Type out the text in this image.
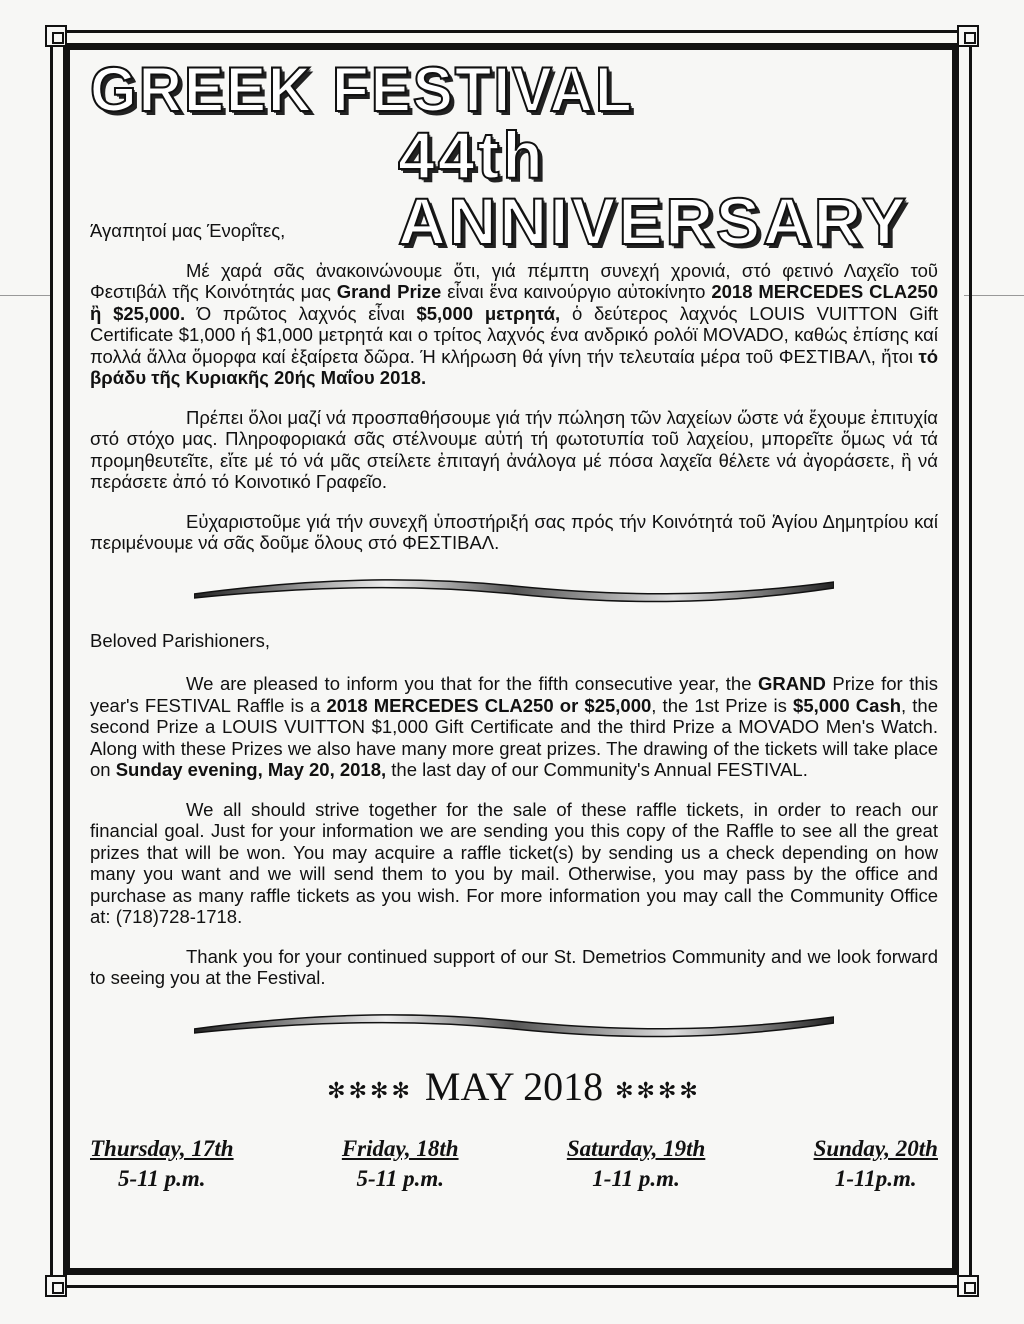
GREEK FESTIVAL
44th ANNIVERSARY

Άγαπητοί μας Ένορΐτες,

Μέ χαρά σᾶς ἀνακοινώνουμε ὅτι, γιά πέμπτη συνεχή χρονιά, στό φετινό Λαχεῖο τοῦ Φεστιβάλ τῆς Κοινότητάς μας Grand Prize εἶναι ἕνα καινούργιο αὐτοκίνητο 2018 MERCEDES CLA250 ἢ $25,000. Ό πρῶτος λαχνός εἶναι $5,000 μετρητά, ὁ δεύτερος λαχνός LOUIS VUITTON Gift Certificate $1,000 ή $1,000 μετρητά και ο τρίτος λαχνός ένα ανδρικό ρολόϊ MOVADO, καθώς ἐπίσης καί πολλά ἄλλα ὅμορφα καί ἐξαίρετα δῶρα. Ή κλήρωση θά γίνη τήν τελευταία μέρα τοῦ ΦΕΣΤΙΒΑΛ, ἤτοι τό βράδυ τῆς Κυριακῆς 20ής Μαΐου 2018.

Πρέπει ὅλοι μαζί νά προσπαθήσουμε γιά τήν πώληση τῶν λαχείων ὥστε νά ἔχουμε ἐπιτυχία στό στόχο μας. Πληροφοριακά σᾶς στέλνουμε αὐτή τή φωτοτυπία τοῦ λαχείου, μπορεῖτε ὅμως νά τά προμηθευτεῖτε, εἴτε μέ τό νά μᾶς στείλετε ἐπιταγή ἀνάλογα μέ πόσα λαχεῖα θέλετε νά ἀγοράσετε, ἢ νά περάσετε ἀπό τό Κοινοτικό Γραφεῖο.

Εὐχαριστοῦμε γιά τήν συνεχῆ ὑποστήριξή σας πρός τήν Κοινότητά τοῦ Ἁγίου Δημητρίου καί περιμένουμε νά σᾶς δοῦμε ὅλους στό ΦΕΣΤΙΒΑΛ.

Beloved Parishioners,

We are pleased to inform you that for the fifth consecutive year, the GRAND Prize for this year's FESTIVAL Raffle is a 2018 MERCEDES CLA250 or $25,000, the 1st Prize is $5,000 Cash, the second Prize a LOUIS VUITTON $1,000 Gift Certificate and the third Prize a MOVADO Men's Watch. Along with these Prizes we also have many more great prizes. The drawing of the tickets will take place on Sunday evening, May 20, 2018, the last day of our Community's Annual FESTIVAL.

We all should strive together for the sale of these raffle tickets, in order to reach our financial goal. Just for your information we are sending you this copy of the Raffle to see all the great prizes that will be won. You may acquire a raffle ticket(s) by sending us a check depending on how many you want and we will send them to you by mail. Otherwise, you may pass by the office and purchase as many raffle tickets as you wish. For more information you may call the Community Office at: (718)728-1718.

Thank you for your continued support of our St. Demetrios Community and we look forward to seeing you at the Festival.

✻✻✻✻ MAY 2018 ✻✻✻✻
Thursday, 17th
5-11 p.m.
Friday, 18th
5-11 p.m.
Saturday, 19th
1-11 p.m.
Sunday, 20th
1-11p.m.
